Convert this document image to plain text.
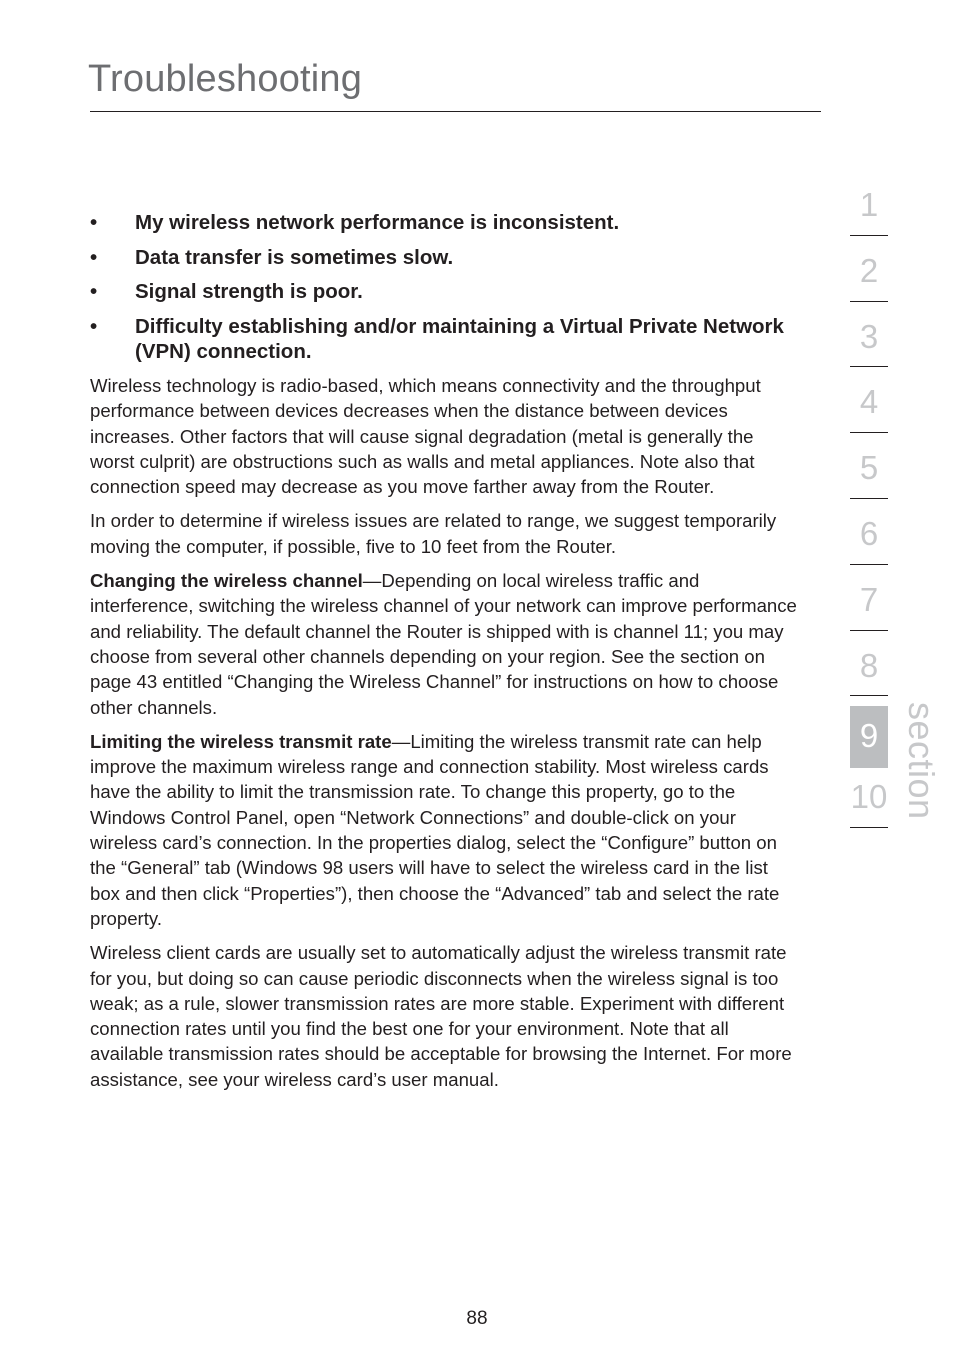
Troubleshooting
• My wireless network performance is inconsistent.
• Data transfer is sometimes slow.
• Signal strength is poor.
• Difficulty establishing and/or maintaining a Virtual Private Network (VPN) connection.

Wireless technology is radio-based, which means connectivity and the throughput performance between devices decreases when the distance between devices increases. Other factors that will cause signal degradation (metal is generally the worst culprit) are obstructions such as walls and metal appliances. Note also that connection speed may decrease as you move farther away from the Router.

In order to determine if wireless issues are related to range, we suggest temporarily moving the computer, if possible, five to 10 feet from the Router.

Changing the wireless channel—Depending on local wireless traffic and interference, switching the wireless channel of your network can improve performance and reliability. The default channel the Router is shipped with is channel 11; you may choose from several other channels depending on your region. See the section on page 43 entitled “Changing the Wireless Channel” for instructions on how to choose other channels.

Limiting the wireless transmit rate—Limiting the wireless transmit rate can help improve the maximum wireless range and connection stability. Most wireless cards have the ability to limit the transmission rate. To change this property, go to the Windows Control Panel, open “Network Connections” and double-click on your wireless card’s connection. In the properties dialog, select the “Configure” button on the “General” tab (Windows 98 users will have to select the wireless card in the list box and then click “Properties”), then choose the “Advanced” tab and select the rate property.

Wireless client cards are usually set to automatically adjust the wireless transmit rate for you, but doing so can cause periodic disconnects when the wireless signal is too weak; as a rule, slower transmission rates are more stable. Experiment with different connection rates until you find the best one for your environment. Note that all available transmission rates should be acceptable for browsing the Internet. For more assistance, see your wireless card’s user manual.

1
2
3
4
5
6
7
8
9
10 section
88
